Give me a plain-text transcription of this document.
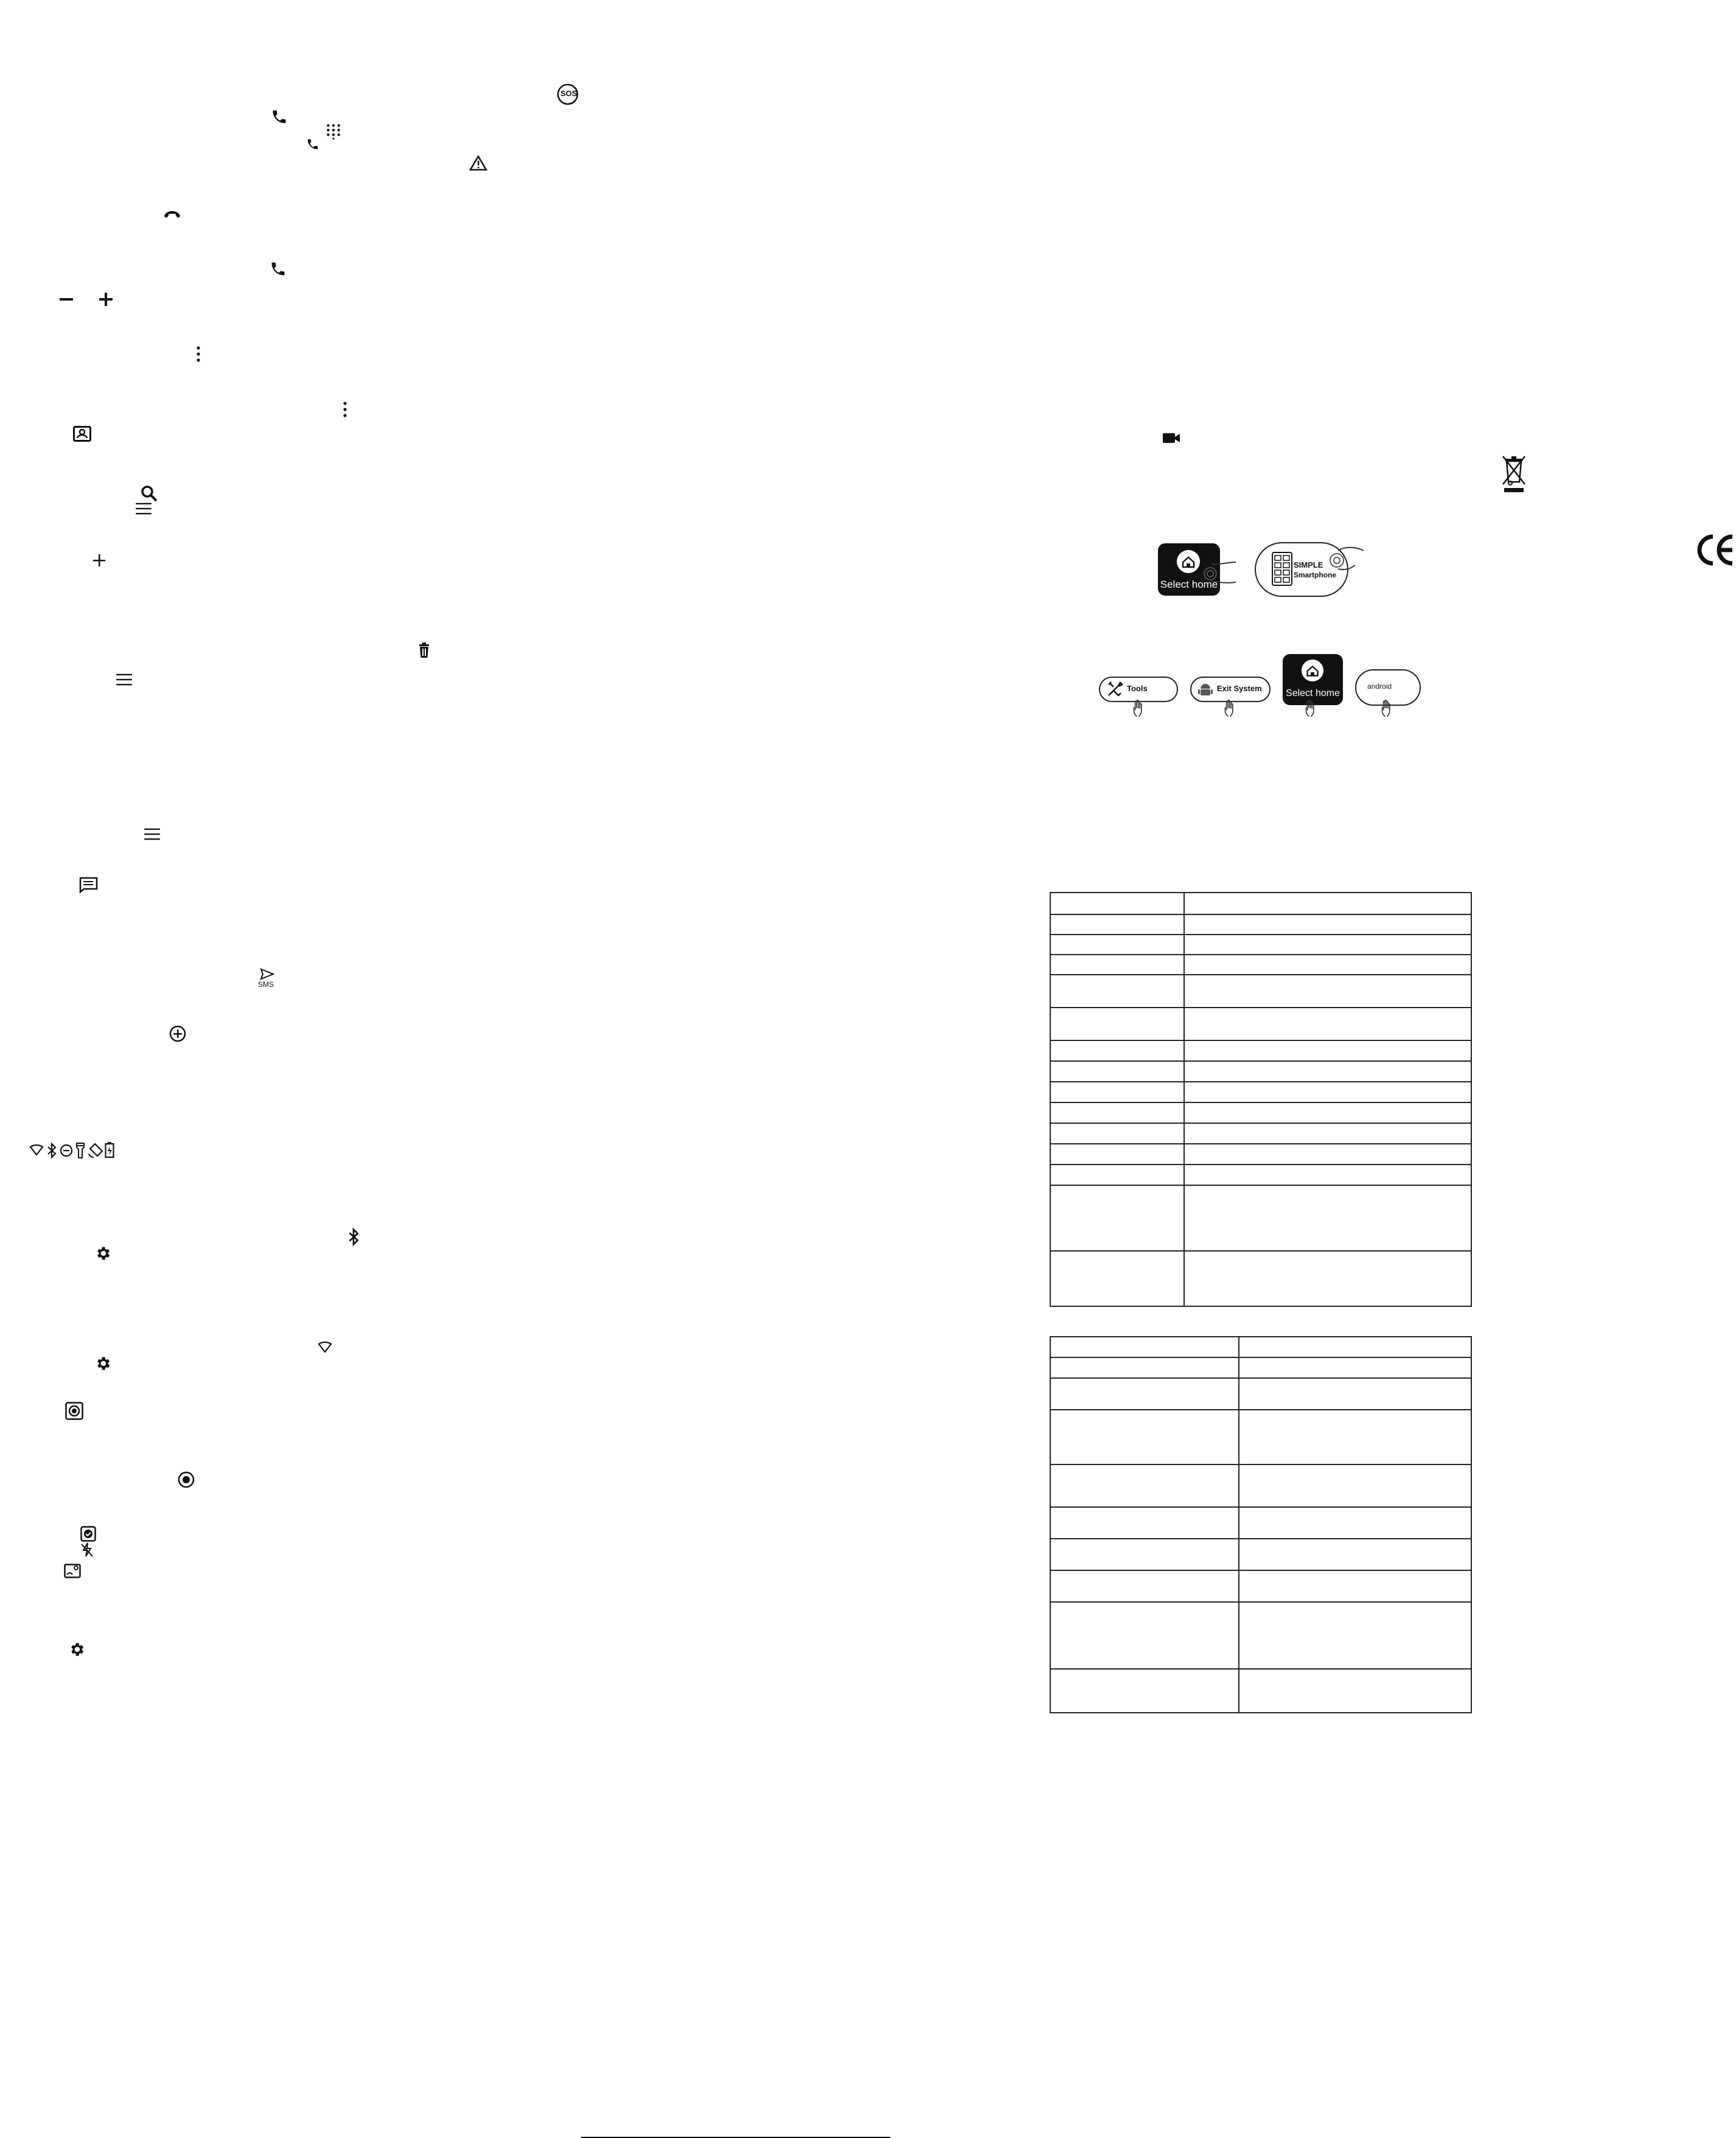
SMS
SOS
Select home
SIMPLE
Smartphone
Tools	Exit System	Select home
android
